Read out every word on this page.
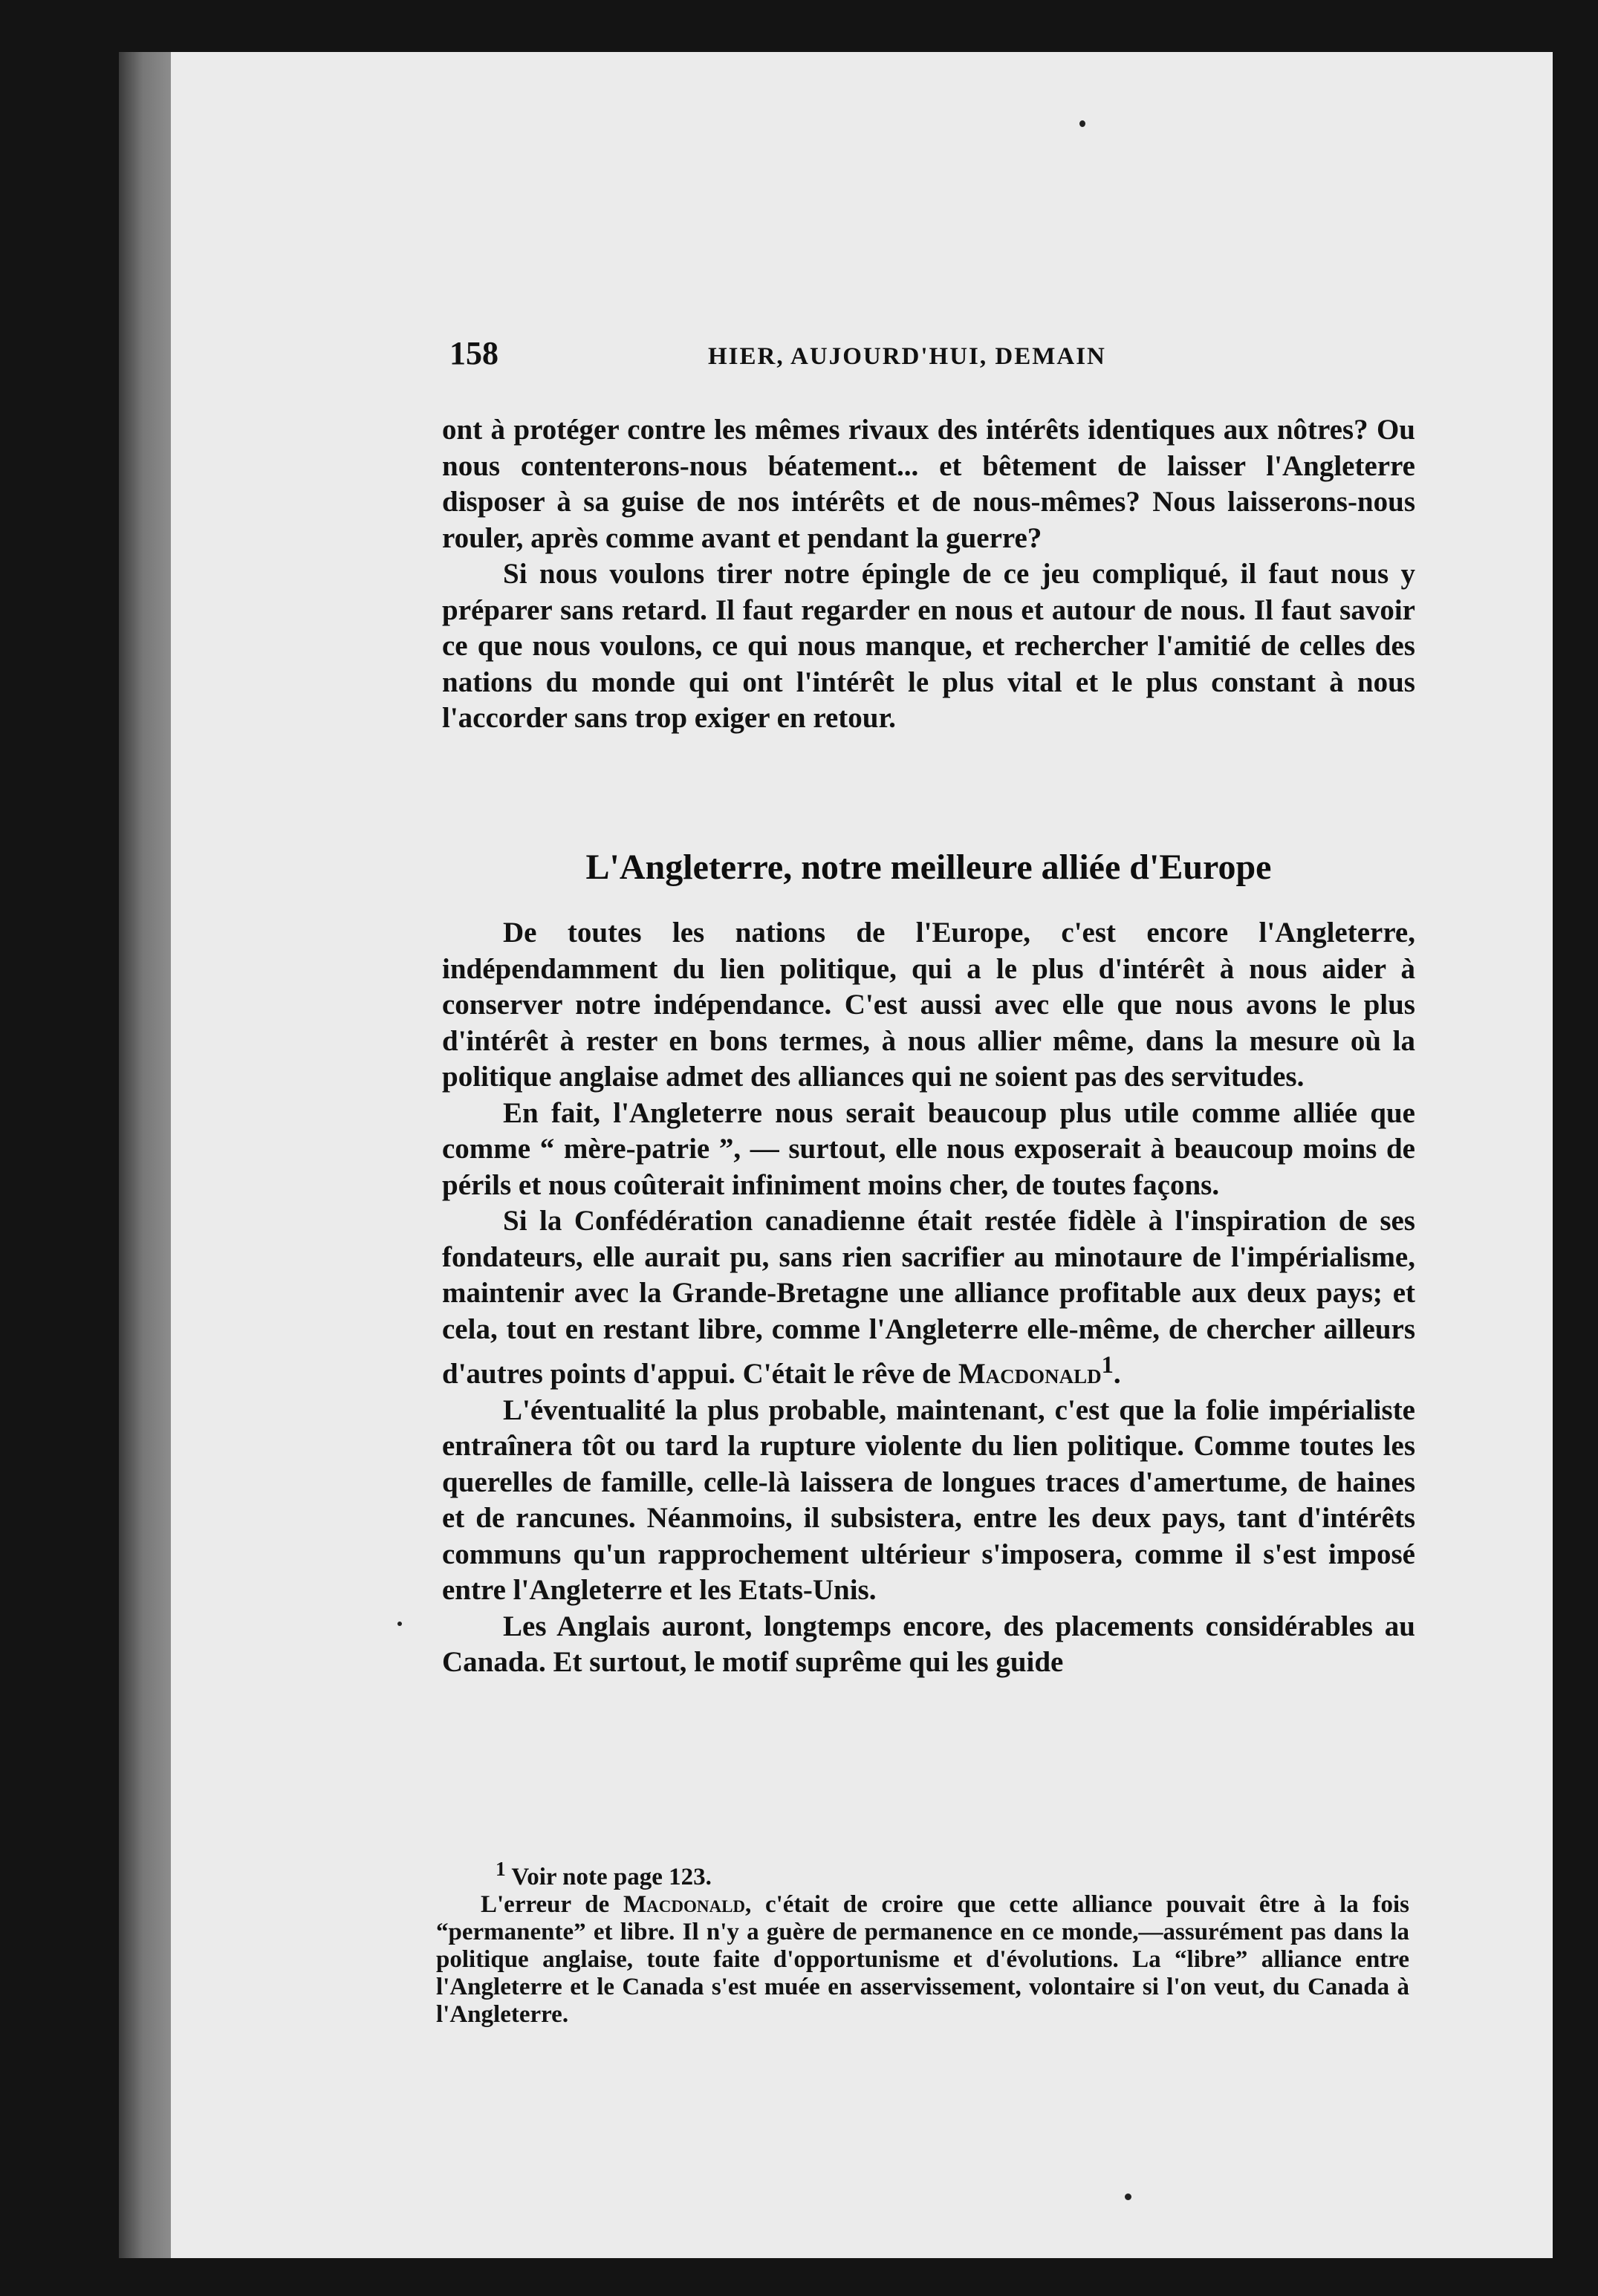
158	HIER, AUJOURD'HUI, DEMAIN

ont à protéger contre les mêmes rivaux des intérêts identiques aux nôtres? Ou nous contenterons-nous béatement... et bêtement de laisser l'Angleterre disposer à sa guise de nos intérêts et de nous-mêmes? Nous laisserons-nous rouler, après comme avant et pendant la guerre?

Si nous voulons tirer notre épingle de ce jeu compliqué, il faut nous y préparer sans retard. Il faut regarder en nous et autour de nous. Il faut savoir ce que nous voulons, ce qui nous manque, et rechercher l'amitié de celles des nations du monde qui ont l'intérêt le plus vital et le plus constant à nous l'accorder sans trop exiger en retour.

L'Angleterre, notre meilleure alliée d'Europe

De toutes les nations de l'Europe, c'est encore l'Angleterre, indépendamment du lien politique, qui a le plus d'intérêt à nous aider à conserver notre indépendance. C'est aussi avec elle que nous avons le plus d'intérêt à rester en bons termes, à nous allier même, dans la mesure où la politique anglaise admet des alliances qui ne soient pas des servitudes.

En fait, l'Angleterre nous serait beaucoup plus utile comme alliée que comme “ mère-patrie ”, — surtout, elle nous exposerait à beaucoup moins de périls et nous coûterait infiniment moins cher, de toutes façons.

Si la Confédération canadienne était restée fidèle à l'inspiration de ses fondateurs, elle aurait pu, sans rien sacrifier au minotaure de l'impérialisme, maintenir avec la Grande-Bretagne une alliance profitable aux deux pays; et cela, tout en restant libre, comme l'Angleterre elle-même, de chercher ailleurs d'autres points d'appui. C'était le rêve de Macdonald$^1$.

L'éventualité la plus probable, maintenant, c'est que la folie impérialiste entraînera tôt ou tard la rupture violente du lien politique. Comme toutes les querelles de famille, celle-là laissera de longues traces d'amertume, de haines et de rancunes. Néanmoins, il subsistera, entre les deux pays, tant d'intérêts communs qu'un rapprochement ultérieur s'imposera, comme il s'est imposé entre l'Angleterre et les Etats-Unis.

Les Anglais auront, longtemps encore, des placements considérables au Canada. Et surtout, le motif suprême qui les guide

$^1$ Voir note page 123.

L'erreur de Macdonald, c'était de croire que cette alliance pouvait être à la fois “permanente” et libre. Il n'y a guère de permanence en ce monde,—assurément pas dans la politique anglaise, toute faite d'opportunisme et d'évolutions. La “libre” alliance entre l'Angleterre et le Canada s'est muée en asservissement, volontaire si l'on veut, du Canada à l'Angleterre.
